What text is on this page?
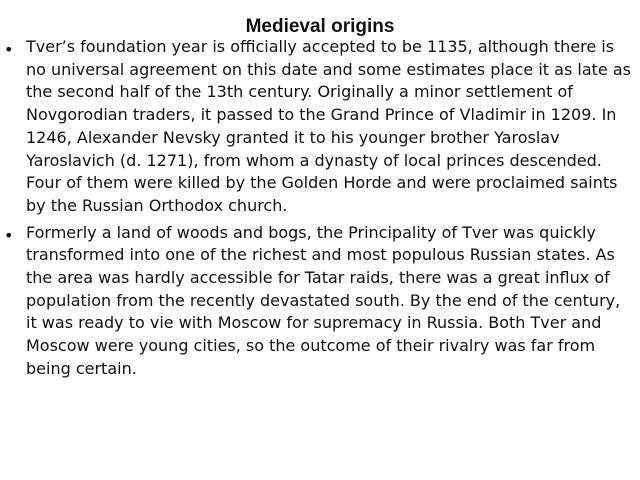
Medieval origins
• Tver’s foundation year is officially accepted to be 1135, although there is no universal agreement on this date and some estimates place it as late as the second half of the 13th century. Originally a minor settlement of Novgorodian traders, it passed to the Grand Prince of Vladimir in 1209. In 1246, Alexander Nevsky granted it to his younger brother Yaroslav Yaroslavich (d. 1271), from whom a dynasty of local princes descended. Four of them were killed by the Golden Horde and were proclaimed saints by the Russian Orthodox church.
• Formerly a land of woods and bogs, the Principality of Tver was quickly transformed into one of the richest and most populous Russian states. As the area was hardly accessible for Tatar raids, there was a great influx of population from the recently devastated south. By the end of the century, it was ready to vie with Moscow for supremacy in Russia. Both Tver and Moscow were young cities, so the outcome of their rivalry was far from being certain.
